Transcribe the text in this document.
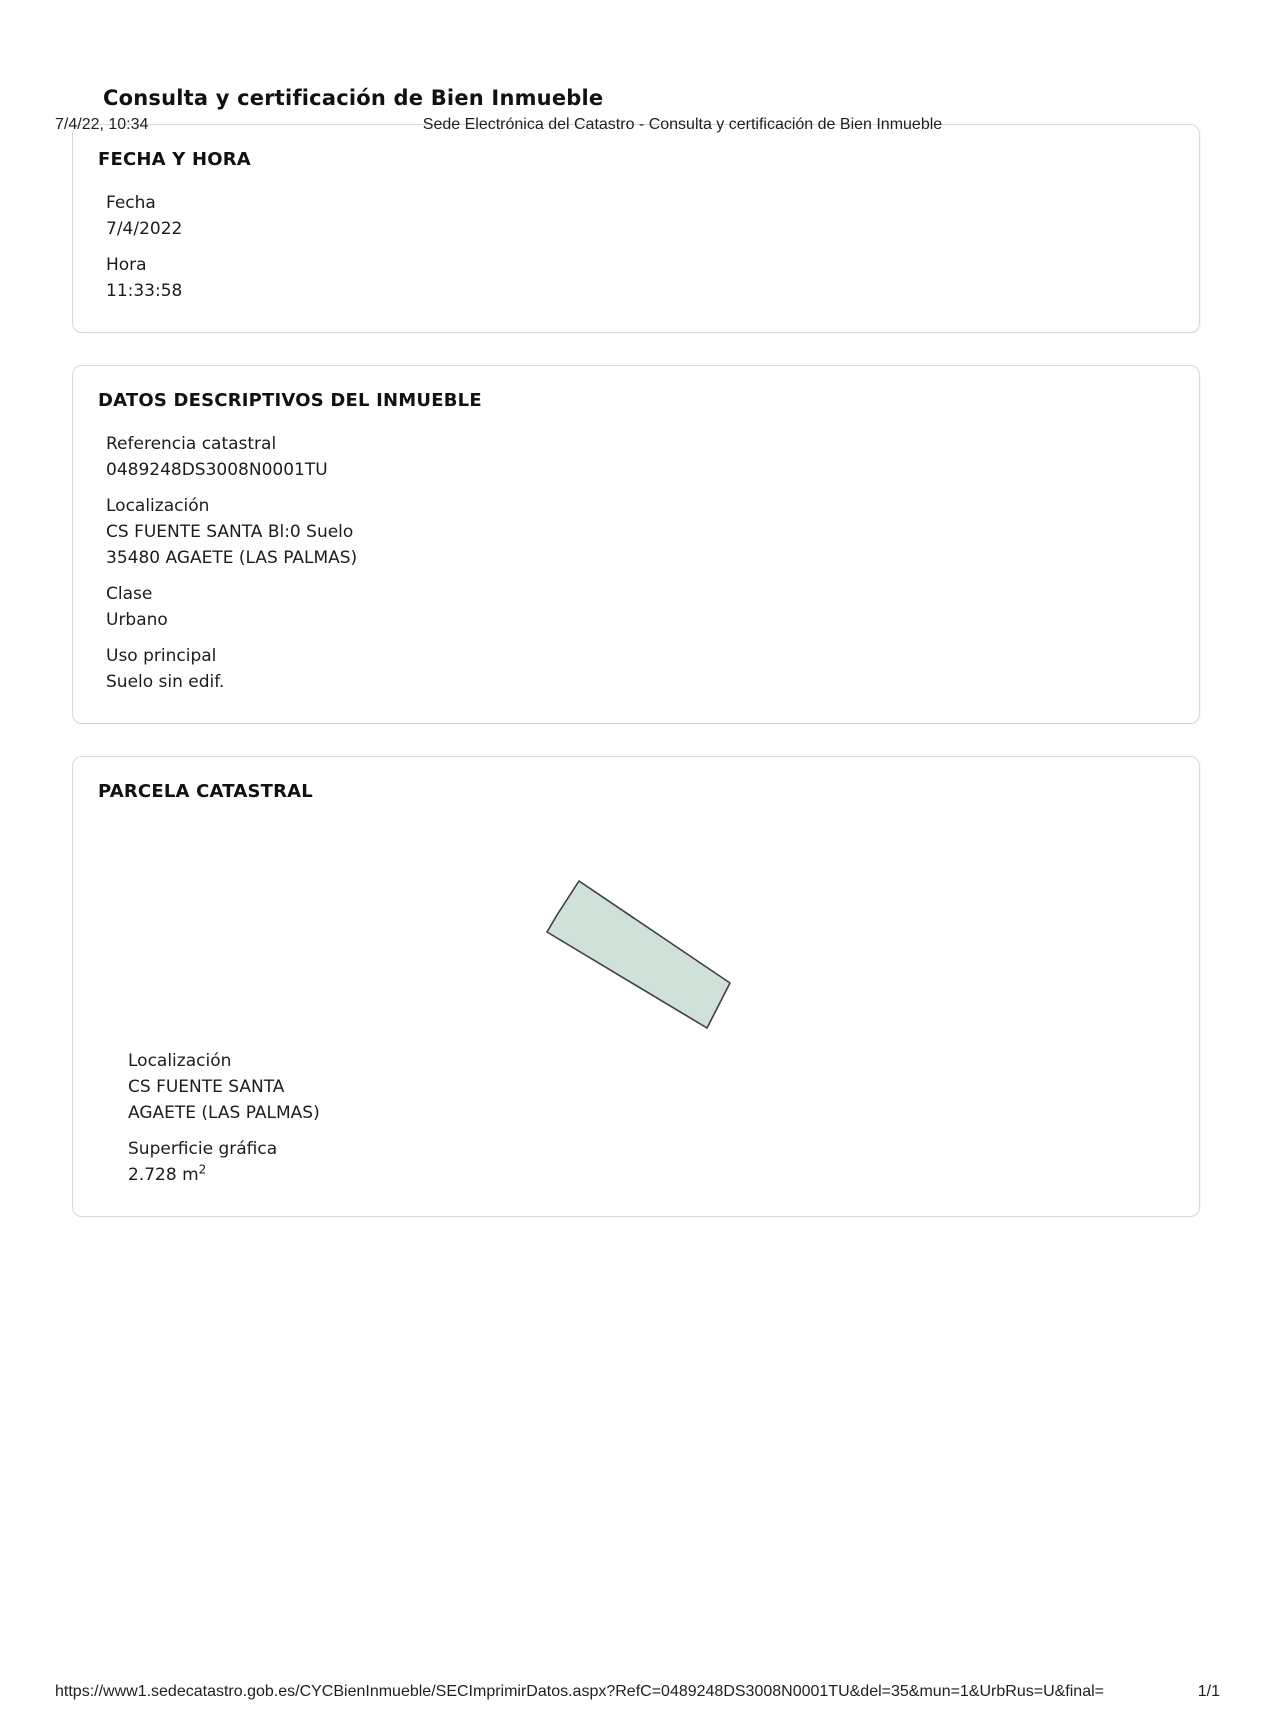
7/4/22, 10:34	Sede Electrónica del Catastro - Consulta y certificación de Bien Inmueble
Consulta y certificación de Bien Inmueble
FECHA Y HORA
Fecha
7/4/2022
Hora
11:33:58
DATOS DESCRIPTIVOS DEL INMUEBLE
Referencia catastral
0489248DS3008N0001TU
Localización
CS FUENTE SANTA Bl:0 Suelo
35480 AGAETE (LAS PALMAS)
Clase
Urbano
Uso principal
Suelo sin edif.
PARCELA CATASTRAL
Localización
CS FUENTE SANTA
AGAETE (LAS PALMAS)
Superficie gráfica
2.728 $m^2$
https://www1.sedecatastro.gob.es/CYCBienInmueble/SECImprimirDatos.aspx?RefC=0489248DS3008N0001TU&del=35&mun=1&UrbRus=U&final=	1/1
